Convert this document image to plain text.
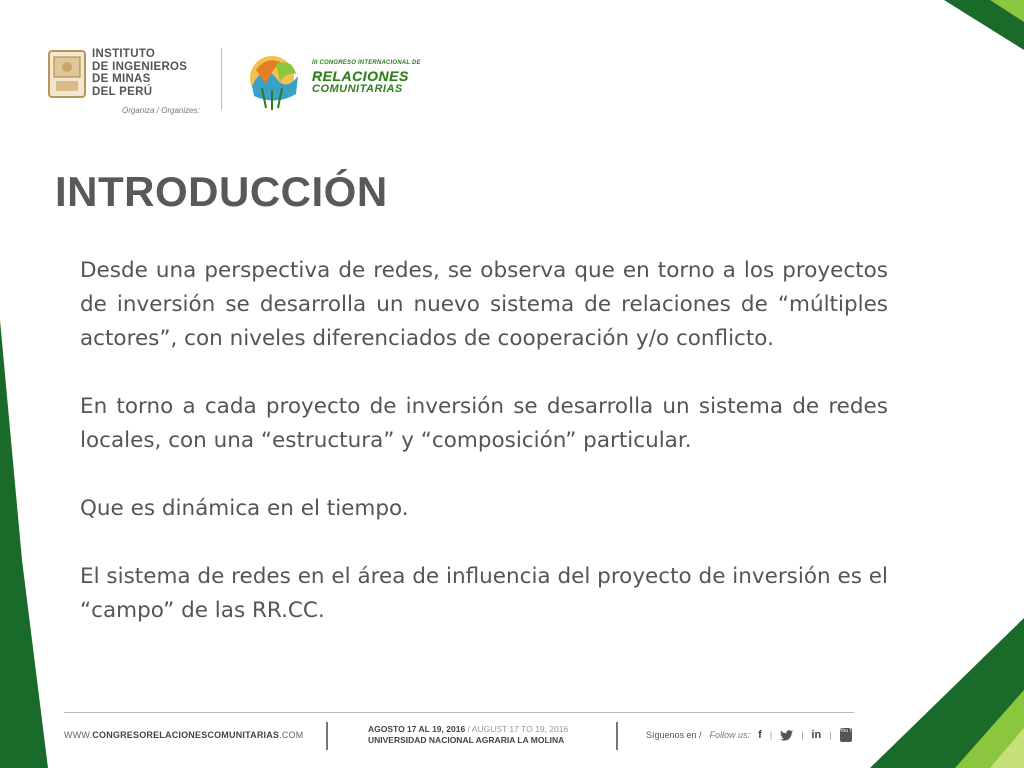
INSTITUTO
DE INGENIEROS
DE MINAS
DEL PERÚ
Organiza / Organizes:
III CONGRESO INTERNACIONAL DE
RELACIONES
COMUNITARIAS
INTRODUCCIÓN

Desde una perspectiva de redes, se observa que en torno a los proyectos de inversión se desarrolla un nuevo sistema de relaciones de “múltiples actores”, con niveles diferenciados de cooperación y/o conflicto.

En torno a cada proyecto de inversión se desarrolla un sistema de redes locales, con una “estructura” y “composición” particular.

Que es dinámica en el tiempo.

El sistema de redes en el área de influencia del proyecto de inversión es el “campo” de las RR.CC.

WWW.CONGRESORELACIONESCOMUNITARIAS.COM
AGOSTO 17 AL 19, 2016 / AUGUST 17 TO 19, 2016
UNIVERSIDAD NACIONAL AGRARIA LA MOLINA	Síguenos en / Follow us: f |	| in | You Tube
